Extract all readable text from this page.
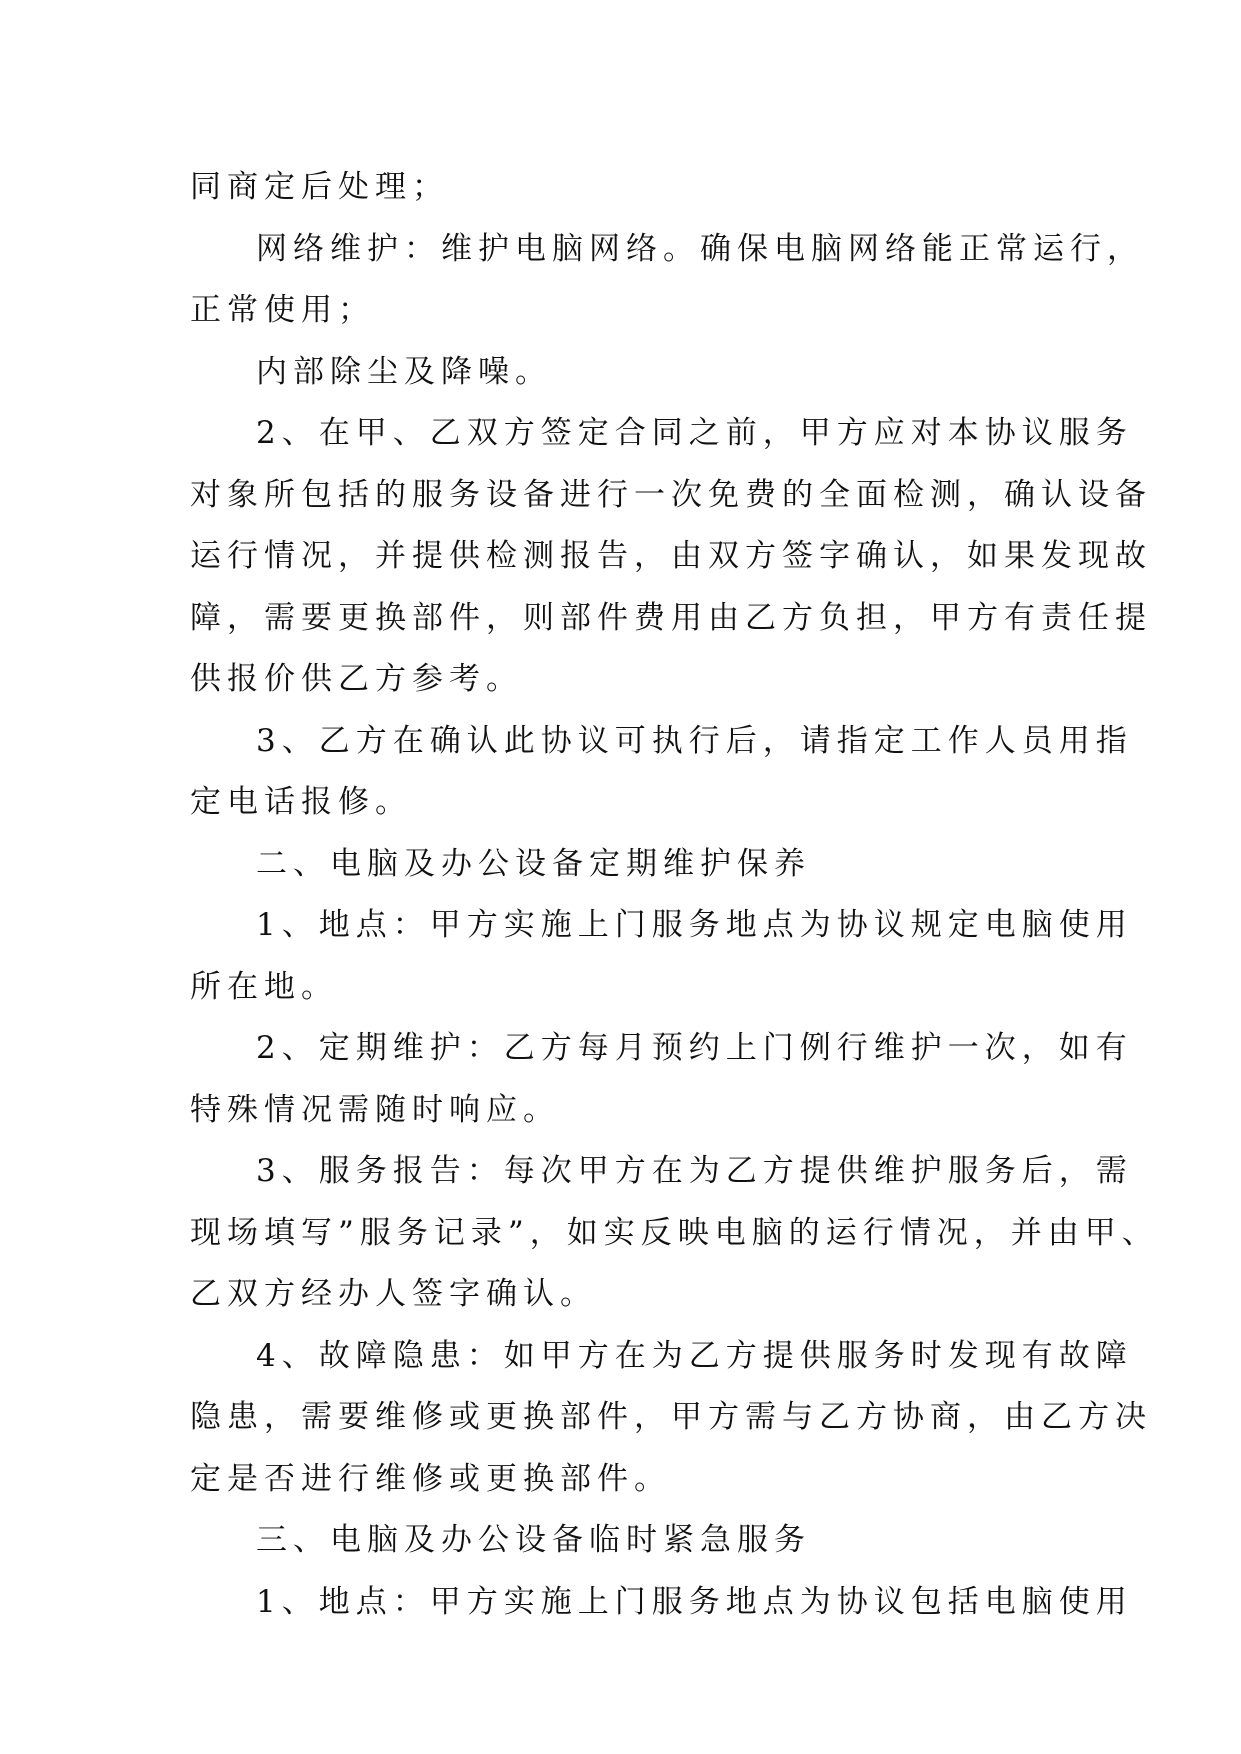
同商定后处理；
网络维护：维护电脑网络。确保电脑网络能正常运行，
正常使用；
内部除尘及降噪。
2、在甲、乙双方签定合同之前，甲方应对本协议服务
对象所包括的服务设备进行一次免费的全面检测，确认设备
运行情况，并提供检测报告，由双方签字确认，如果发现故
障，需要更换部件，则部件费用由乙方负担，甲方有责任提
供报价供乙方参考。
3、乙方在确认此协议可执行后，请指定工作人员用指
定电话报修。
二、电脑及办公设备定期维护保养
1、地点：甲方实施上门服务地点为协议规定电脑使用
所在地。
2、定期维护：乙方每月预约上门例行维护一次，如有
特殊情况需随时响应。
3、服务报告：每次甲方在为乙方提供维护服务后，需
现场填写”服务记录”，如实反映电脑的运行情况，并由甲、
乙双方经办人签字确认。
4、故障隐患：如甲方在为乙方提供服务时发现有故障
隐患，需要维修或更换部件，甲方需与乙方协商，由乙方决
定是否进行维修或更换部件。
三、电脑及办公设备临时紧急服务
1、地点：甲方实施上门服务地点为协议包括电脑使用
